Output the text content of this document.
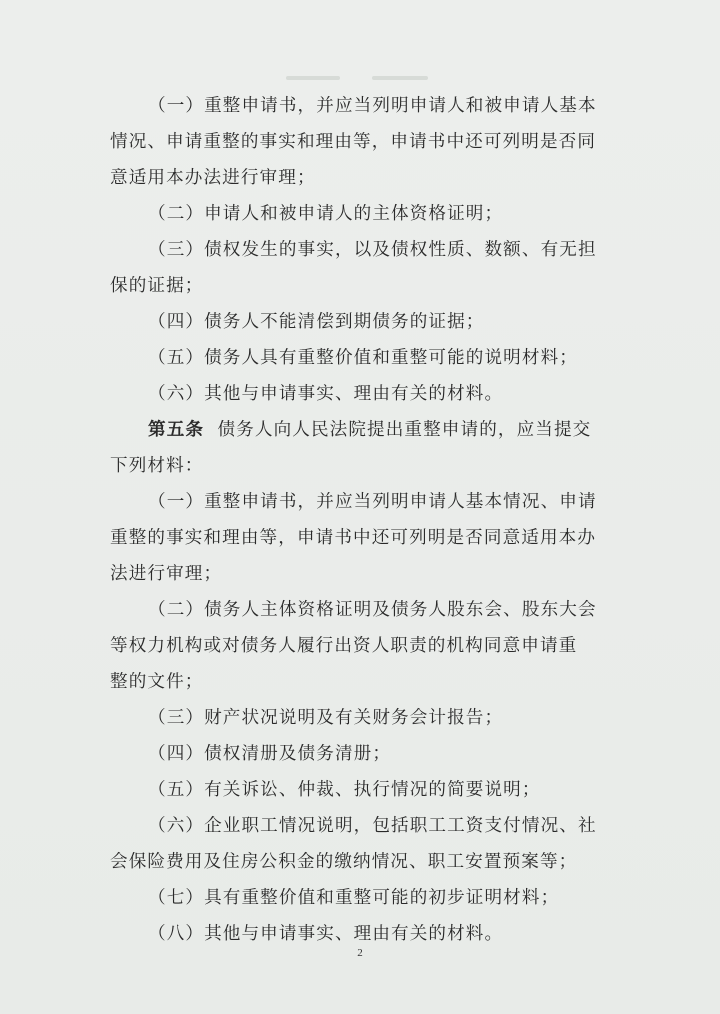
（一）重整申请书，并应当列明申请人和被申请人基本
情况、申请重整的事实和理由等，申请书中还可列明是否同
意适用本办法进行审理；
（二）申请人和被申请人的主体资格证明；
（三）债权发生的事实，以及债权性质、数额、有无担
保的证据；
（四）债务人不能清偿到期债务的证据；
（五）债务人具有重整价值和重整可能的说明材料；
（六）其他与申请事实、理由有关的材料。
第五条 债务人向人民法院提出重整申请的，应当提交
下列材料：
（一）重整申请书，并应当列明申请人基本情况、申请
重整的事实和理由等，申请书中还可列明是否同意适用本办
法进行审理；
（二）债务人主体资格证明及债务人股东会、股东大会
等权力机构或对债务人履行出资人职责的机构同意申请重
整的文件；
（三）财产状况说明及有关财务会计报告；
（四）债权清册及债务清册；
（五）有关诉讼、仲裁、执行情况的简要说明；
（六）企业职工情况说明，包括职工工资支付情况、社
会保险费用及住房公积金的缴纳情况、职工安置预案等；
（七）具有重整价值和重整可能的初步证明材料；
（八）其他与申请事实、理由有关的材料。
2
